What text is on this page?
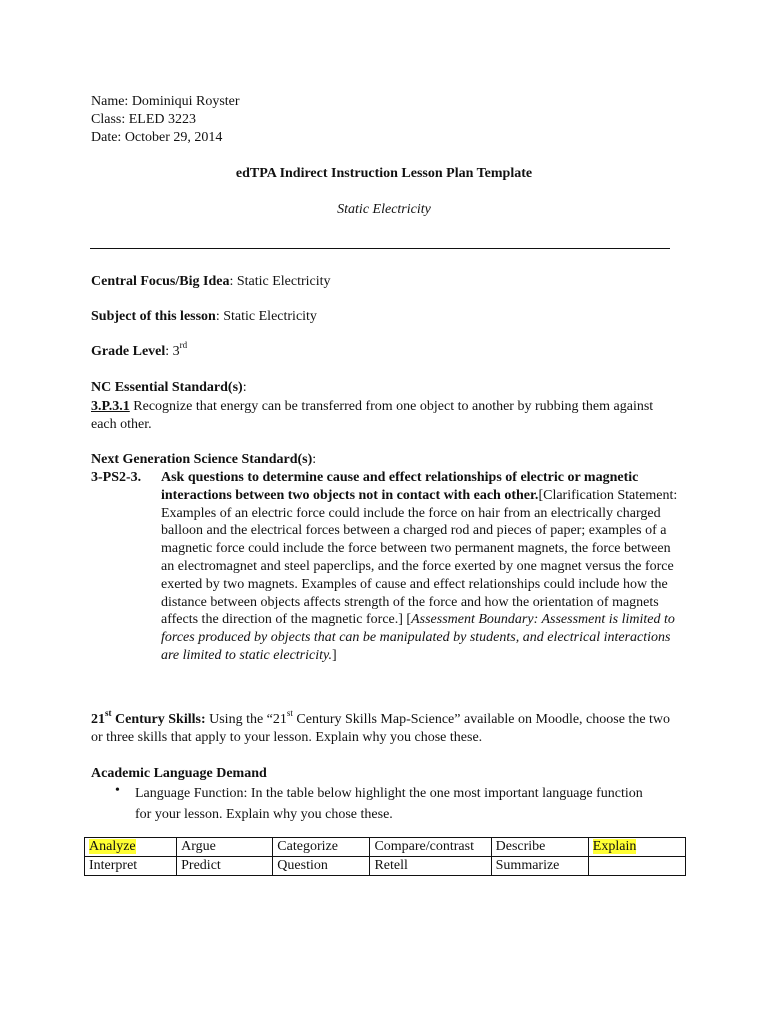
Name: Dominiqui Royster
Class: ELED 3223
Date: October 29, 2014
edTPA Indirect Instruction Lesson Plan Template
Static Electricity
Central Focus/Big Idea: Static Electricity
Subject of this lesson: Static Electricity
Grade Level: 3rd
NC Essential Standard(s):
3.P.3.1 Recognize that energy can be transferred from one object to another by rubbing them against each other.
Next Generation Science Standard(s):
3-PS2-3. Ask questions to determine cause and effect relationships of electric or magnetic interactions between two objects not in contact with each other.[Clarification Statement: Examples of an electric force could include the force on hair from an electrically charged balloon and the electrical forces between a charged rod and pieces of paper; examples of a magnetic force could include the force between two permanent magnets, the force between an electromagnet and steel paperclips, and the force exerted by one magnet versus the force exerted by two magnets. Examples of cause and effect relationships could include how the distance between objects affects strength of the force and how the orientation of magnets affects the direction of the magnetic force.] [Assessment Boundary: Assessment is limited to forces produced by objects that can be manipulated by students, and electrical interactions are limited to static electricity.]
21st Century Skills: Using the “21st Century Skills Map-Science” available on Moodle, choose the two or three skills that apply to your lesson. Explain why you chose these.
Academic Language Demand
• Language Function: In the table below highlight the one most important language function for your lesson. Explain why you chose these.
Analyze	Argue	Categorize	Compare/contrast	Describe	Explain
Interpret	Predict	Question	Retell	Summarize	
